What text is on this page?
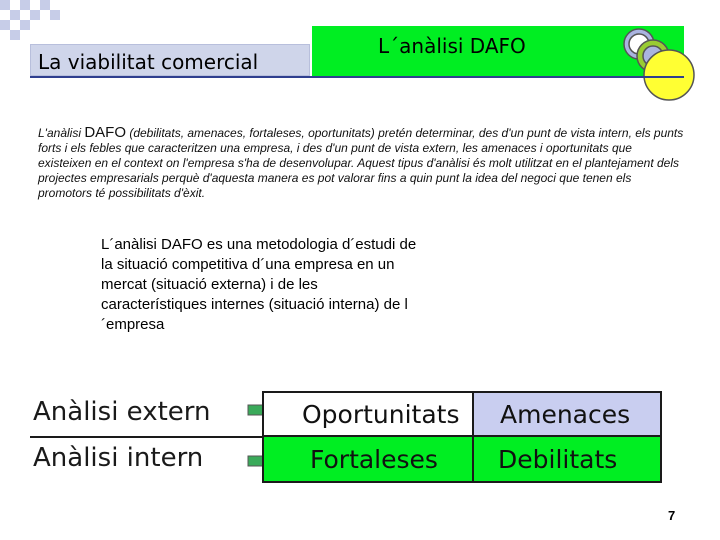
La viabilitat comercial
L´anàlisi DAFO
L'anàlisi DAFO (debilitats, amenaces, fortaleses, oportunitats) pretén determinar, des d'un punt de vista intern, els punts forts i els febles que caracteritzen una empresa, i des d'un punt de vista extern, les amenaces i oportunitats que existeixen en el context on l'empresa s'ha de desenvolupar. Aquest tipus d'anàlisi és molt utilitzat en el plantejament dels projectes empresarials perquè d'aquesta manera es pot valorar fins a quin punt la idea del negoci que tenen els promotors té possibilitats d'èxit.
L´anàlisi DAFO es una metodologia d´estudi de la situació competitiva d´una empresa en un mercat (situació externa) i de les característiques internes (situació interna) de l´empresa
Anàlisi extern
Anàlisi intern
Oportunitats	Amenaces
Fortaleses	Debilitats
7
